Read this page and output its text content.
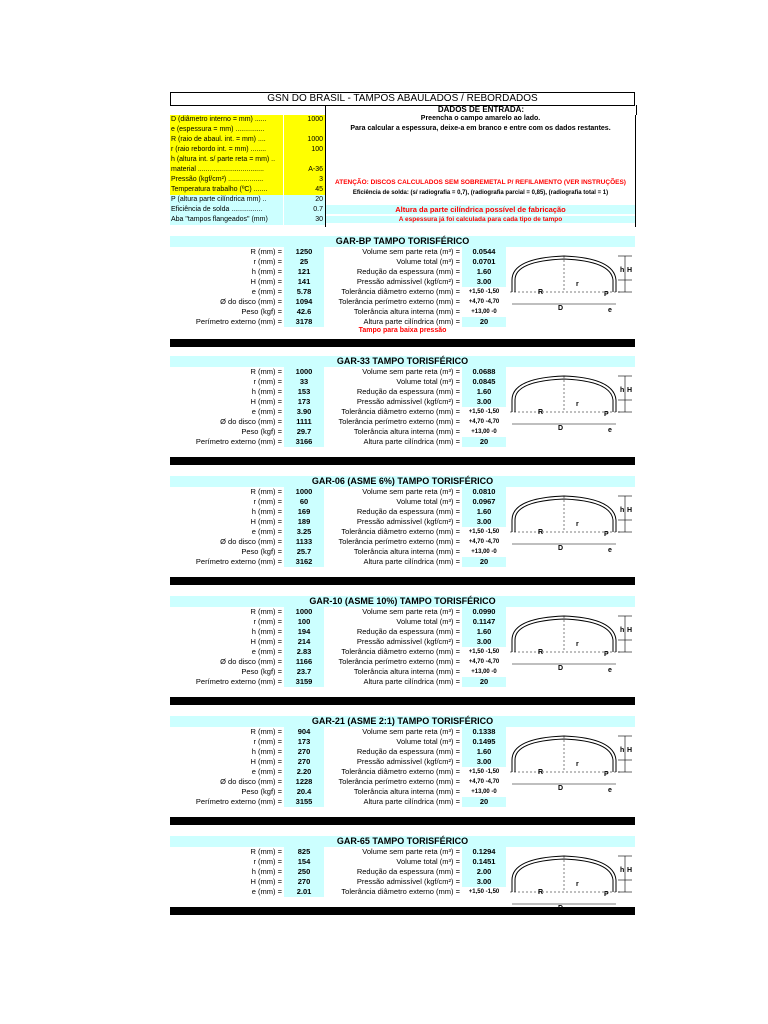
GSN DO BRASIL - TAMPOS ABAULADOS / REBORDADOS
DADOS DE ENTRADA:
D (diâmetro interno = mm) ......	1000
e (espessura = mm) ...............
R (raio de abaul. int. = mm) ....	1000
r (raio rebordo int. = mm) ........	100
h (altura int. s/ parte reta = mm) ..
material ..................................	A-36
Pressão (kgf/cm²) ..................	3
Temperatura trabalho (ºC) .......	45
P (altura parte cilíndrica mm) ..	20
Eficiência de solda ................	0.7
Aba "tampos flangeados" (mm)	30
Preencha o campo amarelo ao lado.
Para calcular a espessura, deixe-a em branco e entre com os dados restantes.
ATENÇÃO: DISCOS CALCULADOS SEM SOBREMETAL P/ REFILAMENTO (VER INSTRUÇÕES)
Eficiência de solda: (s/ radiografia = 0,7), (radiografia parcial = 0,85), (radiografia total = 1)
Altura da parte cilíndrica possível de fabricação
A espessura já foi calculada para cada tipo de tampo
GAR-BP TAMPO TORISFÉRICO
R (mm) =	1250	Volume sem parte reta (m³) =	0.0544
r (mm) =	25	Volume total (m³) =	0.0701
h (mm) =	121	Redução da espessura (mm) =	1.60
H (mm) =	141	Pressão admissível (kgf/cm²) =	3.00
e (mm) =	5.78	Tolerância diâmetro externo (mm) =	+1,50 -1,50
Ø do disco (mm) =	1094	Tolerância perímetro externo (mm) =	+4,70 -4,70
Peso (kgf) =	42.6	Tolerância altura interna (mm) =	+13,00 -0
Perímetro externo (mm) =	3178	Altura parte cilíndrica (mm) =	20
R
r
D	e
P
h H
Tampo para baixa pressão
GAR-33 TAMPO TORISFÉRICO
R (mm) =	1000	Volume sem parte reta (m³) =	0.0688
r (mm) =	33	Volume total (m³) =	0.0845
h (mm) =	153	Redução da espessura (mm) =	1.60
H (mm) =	173	Pressão admissível (kgf/cm²) =	3.00
e (mm) =	3.90	Tolerância diâmetro externo (mm) =	+1,50 -1,50
Ø do disco (mm) =	1111	Tolerância perímetro externo (mm) =	+4,70 -4,70
Peso (kgf) =	29.7	Tolerância altura interna (mm) =	+13,00 -0
Perímetro externo (mm) =	3166	Altura parte cilíndrica (mm) =	20
R
r
D	e
P
h H
GAR-06 (ASME 6%) TAMPO TORISFÉRICO
R (mm) =	1000	Volume sem parte reta (m³) =	0.0810
r (mm) =	60	Volume total (m³) =	0.0967
h (mm) =	169	Redução da espessura (mm) =	1.60
H (mm) =	189	Pressão admissível (kgf/cm²) =	3.00
e (mm) =	3.25	Tolerância diâmetro externo (mm) =	+1,50 -1,50
Ø do disco (mm) =	1133	Tolerância perímetro externo (mm) =	+4,70 -4,70
Peso (kgf) =	25.7	Tolerância altura interna (mm) =	+13,00 -0
Perímetro externo (mm) =	3162	Altura parte cilíndrica (mm) =	20
R
r
D	e
P
h H
GAR-10 (ASME 10%) TAMPO TORISFÉRICO
R (mm) =	1000	Volume sem parte reta (m³) =	0.0990
r (mm) =	100	Volume total (m³) =	0.1147
h (mm) =	194	Redução da espessura (mm) =	1.60
H (mm) =	214	Pressão admissível (kgf/cm²) =	3.00
e (mm) =	2.83	Tolerância diâmetro externo (mm) =	+1,50 -1,50
Ø do disco (mm) =	1166	Tolerância perímetro externo (mm) =	+4,70 -4,70
Peso (kgf) =	23.7	Tolerância altura interna (mm) =	+13,00 -0
Perímetro externo (mm) =	3159	Altura parte cilíndrica (mm) =	20
R
r
D	e
P
h H
GAR-21 (ASME 2:1) TAMPO TORISFÉRICO
R (mm) =	904	Volume sem parte reta (m³) =	0.1338
r (mm) =	173	Volume total (m³) =	0.1495
h (mm) =	270	Redução da espessura (mm) =	1.60
H (mm) =	270	Pressão admissível (kgf/cm²) =	3.00
e (mm) =	2.20	Tolerância diâmetro externo (mm) =	+1,50 -1,50
Ø do disco (mm) =	1228	Tolerância perímetro externo (mm) =	+4,70 -4,70
Peso (kgf) =	20.4	Tolerância altura interna (mm) =	+13,00 -0
Perímetro externo (mm) =	3155	Altura parte cilíndrica (mm) =	20
R
r
D	e
P
h H
GAR-65 TAMPO TORISFÉRICO
R (mm) =	825	Volume sem parte reta (m³) =	0.1294
r (mm) =	154	Volume total (m³) =	0.1451
h (mm) =	250	Redução da espessura (mm) =	2.00
H (mm) =	270	Pressão admissível (kgf/cm²) =	3.00
e (mm) =	2.01	Tolerância diâmetro externo (mm) =	+1,50 -1,50	R
r
P
h H
